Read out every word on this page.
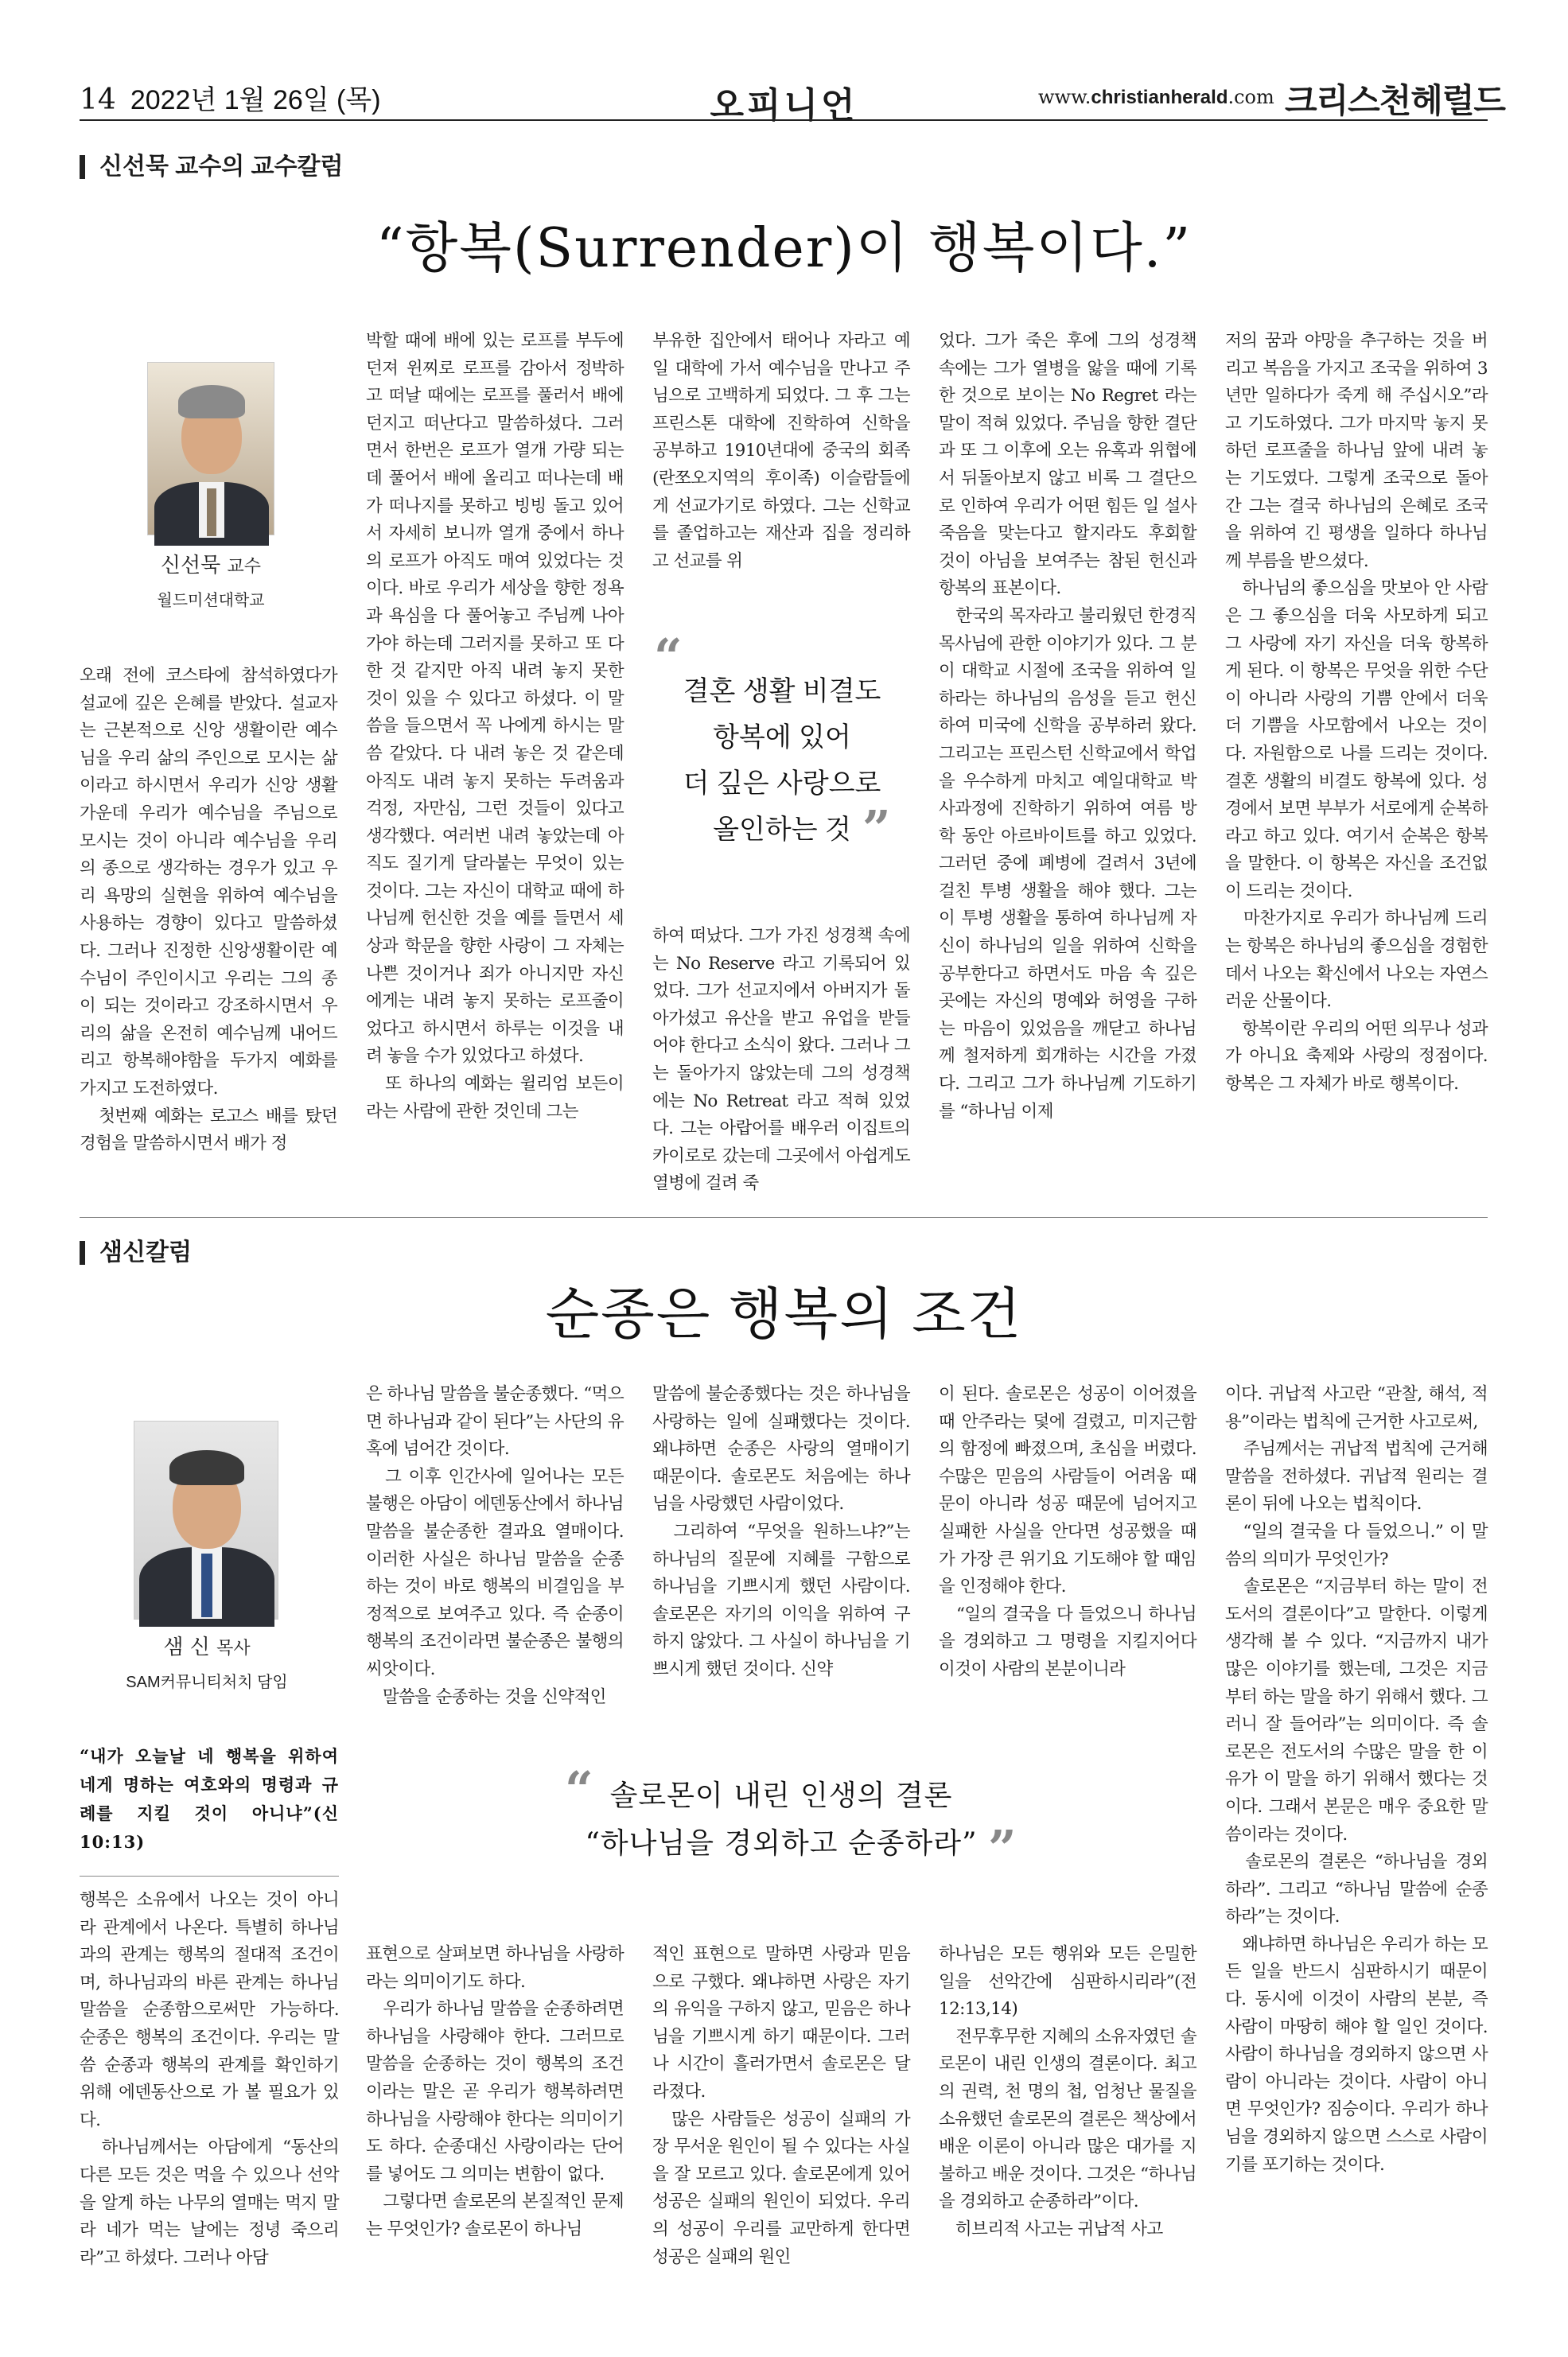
14 2022년 1월 26일 (목)	오피니언	www.christianherald.com 크리스천헤럴드
신선묵 교수의 교수칼럼
“항복(Surrender)이 행복이다.”
신선묵 교수
월드미션대학교
오래 전에 코스타에 참석하였다가 설교에 깊은 은혜를 받았다. 설교자는 근본적으로 신앙 생활이란 예수님을 우리 삶의 주인으로 모시는 삶이라고 하시면서 우리가 신앙 생활 가운데 우리가 예수님을 주님으로 모시는 것이 아니라 예수님을 우리의 종으로 생각하는 경우가 있고 우리 욕망의 실현을 위하여 예수님을 사용하는 경향이 있다고 말씀하셨다. 그러나 진정한 신앙생활이란 예수님이 주인이시고 우리는 그의 종이 되는 것이라고 강조하시면서 우리의 삶을 온전히 예수님께 내어드리고 항복해야함을 두가지 예화를 가지고 도전하였다.
　첫번째 예화는 로고스 배를 탔던 경험을 말씀하시면서 배가 정
박할 때에 배에 있는 로프를 부두에 던져 윈찌로 로프를 감아서 정박하고 떠날 때에는 로프를 풀러서 배에 던지고 떠난다고 말씀하셨다. 그러면서 한번은 로프가 열개 가량 되는데 풀어서 배에 올리고 떠나는데 배가 떠나지를 못하고 빙빙 돌고 있어서 자세히 보니까 열개 중에서 하나의 로프가 아직도 매여 있었다는 것이다. 바로 우리가 세상을 향한 정욕과 욕심을 다 풀어놓고 주님께 나아가야 하는데 그러지를 못하고 또 다한 것 같지만 아직 내려 놓지 못한 것이 있을 수 있다고 하셨다. 이 말씀을 들으면서 꼭 나에게 하시는 말씀 같았다. 다 내려 놓은 것 같은데 아직도 내려 놓지 못하는 두려움과 걱정, 자만심, 그런 것들이 있다고 생각했다. 여러번 내려 놓았는데 아직도 질기게 달라붙는 무엇이 있는 것이다. 그는 자신이 대학교 때에 하나님께 헌신한 것을 예를 들면서 세상과 학문을 향한 사랑이 그 자체는 나쁜 것이거나 죄가 아니지만 자신에게는 내려 놓지 못하는 로프줄이 었다고 하시면서 하루는 이것을 내려 놓을 수가 있었다고 하셨다.
　또 하나의 예화는 윌리엄 보든이라는 사람에 관한 것인데 그는
부유한 집안에서 태어나 자라고 예일 대학에 가서 예수님을 만나고 주님으로 고백하게 되었다. 그 후 그는 프린스톤 대학에 진학하여 신학을 공부하고 1910년대에 중국의 회족(란쪼오지역의 후이족) 이슬람들에게 선교가기로 하였다. 그는 신학교를 졸업하고는 재산과 집을 정리하고 선교를 위
“
결혼 생활 비결도
항복에 있어
더 깊은 사랑으로
올인하는 것 ”
하여 떠났다. 그가 가진 성경책 속에는 No Reserve 라고 기록되어 있었다. 그가 선교지에서 아버지가 돌아가셨고 유산을 받고 유업을 받들어야 한다고 소식이 왔다. 그러나 그는 돌아가지 않았는데 그의 성경책에는 No Retreat 라고 적혀 있었다. 그는 아랍어를 배우러 이집트의 카이로로 갔는데 그곳에서 아쉽게도 열병에 걸려 죽
었다. 그가 죽은 후에 그의 성경책 속에는 그가 열병을 앓을 때에 기록한 것으로 보이는 No Regret 라는 말이 적혀 있었다. 주님을 향한 결단과 또 그 이후에 오는 유혹과 위협에서 뒤돌아보지 않고 비록 그 결단으로 인하여 우리가 어떤 힘든 일 설사 죽음을 맞는다고 할지라도 후회할 것이 아님을 보여주는 참된 헌신과 항복의 표본이다.
　한국의 목자라고 불리웠던 한경직 목사님에 관한 이야기가 있다. 그 분이 대학교 시절에 조국을 위하여 일하라는 하나님의 음성을 듣고 헌신하여 미국에 신학을 공부하러 왔다. 그리고는 프린스턴 신학교에서 학업을 우수하게 마치고 예일대학교 박사과정에 진학하기 위하여 여름 방학 동안 아르바이트를 하고 있었다. 그러던 중에 폐병에 걸려서 3년에 걸친 투병 생활을 해야 했다. 그는 이 투병 생활을 통하여 하나님께 자신이 하나님의 일을 위하여 신학을 공부한다고 하면서도 마음 속 깊은 곳에는 자신의 명예와 허영을 구하는 마음이 있었음을 깨닫고 하나님께 철저하게 회개하는 시간을 가졌다. 그리고 그가 하나님께 기도하기를 “하나님 이제
저의 꿈과 야망을 추구하는 것을 버리고 복음을 가지고 조국을 위하여 3년만 일하다가 죽게 해 주십시오”라고 기도하였다. 그가 마지막 놓지 못하던 로프줄을 하나님 앞에 내려 놓는 기도였다. 그렇게 조국으로 돌아간 그는 결국 하나님의 은혜로 조국을 위하여 긴 평생을 일하다 하나님께 부름을 받으셨다.
　하나님의 좋으심을 맛보아 안 사람은 그 좋으심을 더욱 사모하게 되고 그 사랑에 자기 자신을 더욱 항복하게 된다. 이 항복은 무엇을 위한 수단이 아니라 사랑의 기쁨 안에서 더욱 더 기쁨을 사모함에서 나오는 것이다. 자원함으로 나를 드리는 것이다. 결혼 생활의 비결도 항복에 있다. 성경에서 보면 부부가 서로에게 순복하라고 하고 있다. 여기서 순복은 항복을 말한다. 이 항복은 자신을 조건없이 드리는 것이다.
　마찬가지로 우리가 하나님께 드리는 항복은 하나님의 좋으심을 경험한데서 나오는 확신에서 나오는 자연스러운 산물이다.
　항복이란 우리의 어떤 의무나 성과가 아니요 축제와 사랑의 정점이다. 항복은 그 자체가 바로 행복이다.
샘신칼럼
순종은 행복의 조건
샘 신 목사
SAM커뮤니티처치 담임
“내가 오늘날 네 행복을 위하여 네게 명하는 여호와의 명령과 규례를 지킬 것이 아니냐”(신10:13)
행복은 소유에서 나오는 것이 아니라 관계에서 나온다. 특별히 하나님과의 관계는 행복의 절대적 조건이며, 하나님과의 바른 관계는 하나님 말씀을 순종함으로써만 가능하다. 순종은 행복의 조건이다. 우리는 말씀 순종과 행복의 관계를 확인하기 위해 에덴동산으로 가 볼 필요가 있다.
　하나님께서는 아담에게 “동산의 다른 모든 것은 먹을 수 있으나 선악을 알게 하는 나무의 열매는 먹지 말라 네가 먹는 날에는 정녕 죽으리라”고 하셨다. 그러나 아담
은 하나님 말씀을 불순종했다. “먹으면 하나님과 같이 된다”는 사단의 유혹에 넘어간 것이다.
　그 이후 인간사에 일어나는 모든 불행은 아담이 에덴동산에서 하나님 말씀을 불순종한 결과요 열매이다. 이러한 사실은 하나님 말씀을 순종하는 것이 바로 행복의 비결임을 부정적으로 보여주고 있다. 즉 순종이 행복의 조건이라면 불순종은 불행의 씨앗이다.
　말씀을 순종하는 것을 신약적인
말씀에 불순종했다는 것은 하나님을 사랑하는 일에 실패했다는 것이다. 왜냐하면 순종은 사랑의 열매이기 때문이다. 솔로몬도 처음에는 하나님을 사랑했던 사람이었다.
　그리하여 “무엇을 원하느냐?”는 하나님의 질문에 지혜를 구함으로 하나님을 기쁘시게 했던 사람이다. 솔로몬은 자기의 이익을 위하여 구하지 않았다. 그 사실이 하나님을 기쁘시게 했던 것이다. 신약
이 된다. 솔로몬은 성공이 이어졌을 때 안주라는 덫에 걸렸고, 미지근함의 함정에 빠졌으며, 초심을 버렸다. 수많은 믿음의 사람들이 어려움 때문이 아니라 성공 때문에 넘어지고 실패한 사실을 안다면 성공했을 때가 가장 큰 위기요 기도해야 할 때임을 인정해야 한다.
　“일의 결국을 다 들었으니 하나님을 경외하고 그 명령을 지킬지어다 이것이 사람의 본분이니라
“ 솔로몬이 내린 인생의 결론
“하나님을 경외하고 순종하라” ”
표현으로 살펴보면 하나님을 사랑하라는 의미이기도 하다.
　우리가 하나님 말씀을 순종하려면 하나님을 사랑해야 한다. 그러므로 말씀을 순종하는 것이 행복의 조건이라는 말은 곧 우리가 행복하려면 하나님을 사랑해야 한다는 의미이기도 하다. 순종대신 사랑이라는 단어를 넣어도 그 의미는 변함이 없다.
　그렇다면 솔로몬의 본질적인 문제는 무엇인가? 솔로몬이 하나님
적인 표현으로 말하면 사랑과 믿음으로 구했다. 왜냐하면 사랑은 자기의 유익을 구하지 않고, 믿음은 하나님을 기쁘시게 하기 때문이다. 그러나 시간이 흘러가면서 솔로몬은 달라졌다.
　많은 사람들은 성공이 실패의 가장 무서운 원인이 될 수 있다는 사실을 잘 모르고 있다. 솔로몬에게 있어 성공은 실패의 원인이 되었다. 우리의 성공이 우리를 교만하게 한다면 성공은 실패의 원인
하나님은 모든 행위와 모든 은밀한 일을 선악간에 심판하시리라”(전12:13,14)
　전무후무한 지혜의 소유자였던 솔로몬이 내린 인생의 결론이다. 최고의 권력, 천 명의 첩, 엄청난 물질을 소유했던 솔로몬의 결론은 책상에서 배운 이론이 아니라 많은 대가를 지불하고 배운 것이다. 그것은 “하나님을 경외하고 순종하라”이다.
　히브리적 사고는 귀납적 사고
이다. 귀납적 사고란 “관찰, 해석, 적용”이라는 법칙에 근거한 사고로써,
　주님께서는 귀납적 법칙에 근거해 말씀을 전하셨다. 귀납적 원리는 결론이 뒤에 나오는 법칙이다.
　“일의 결국을 다 들었으니.” 이 말씀의 의미가 무엇인가?
　솔로몬은 “지금부터 하는 말이 전도서의 결론이다”고 말한다. 이렇게 생각해 볼 수 있다. “지금까지 내가 많은 이야기를 했는데, 그것은 지금부터 하는 말을 하기 위해서 했다. 그러니 잘 들어라”는 의미이다. 즉 솔로몬은 전도서의 수많은 말을 한 이유가 이 말을 하기 위해서 했다는 것이다. 그래서 본문은 매우 중요한 말씀이라는 것이다.
　솔로몬의 결론은 “하나님을 경외하라”. 그리고 “하나님 말씀에 순종하라”는 것이다.
　왜냐하면 하나님은 우리가 하는 모든 일을 반드시 심판하시기 때문이다. 동시에 이것이 사람의 본분, 즉 사람이 마땅히 해야 할 일인 것이다. 사람이 하나님을 경외하지 않으면 사람이 아니라는 것이다. 사람이 아니면 무엇인가? 짐승이다. 우리가 하나님을 경외하지 않으면 스스로 사람이기를 포기하는 것이다.
